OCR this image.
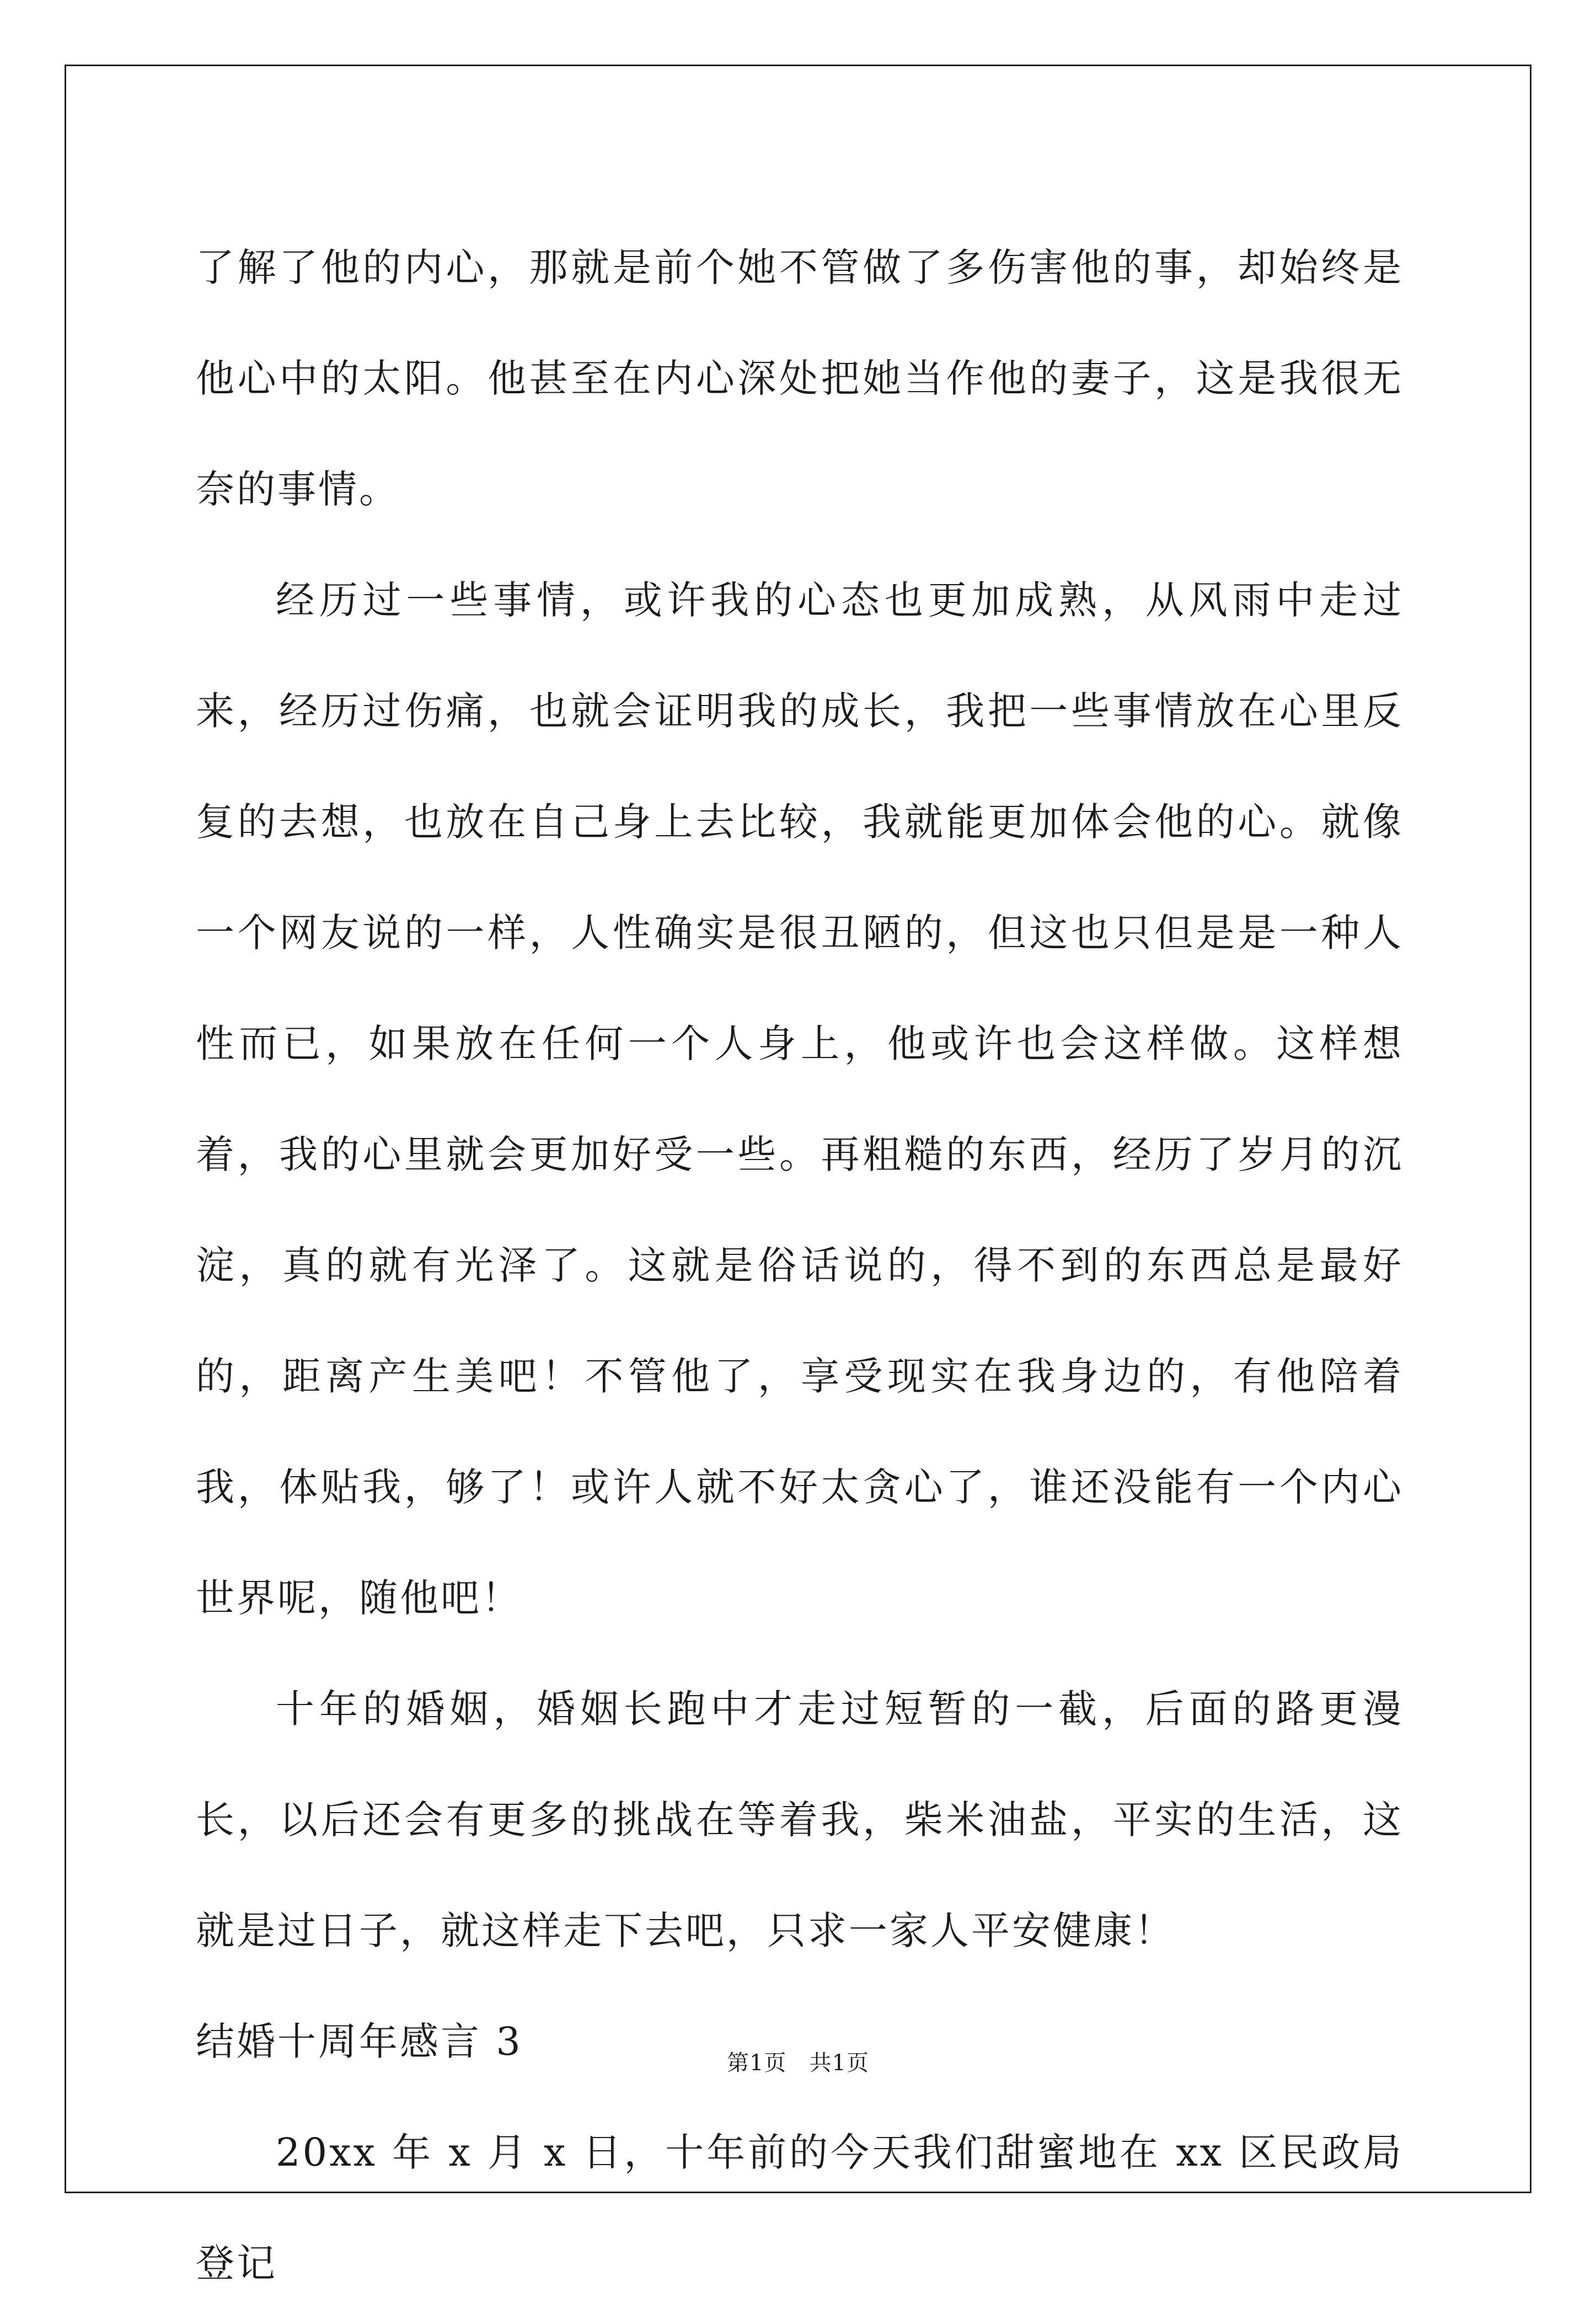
了解了他的内心，那就是前个她不管做了多伤害他的事，却始终是他心中的太阳。他甚至在内心深处把她当作他的妻子，这是我很无奈的事情。

经历过一些事情，或许我的心态也更加成熟，从风雨中走过来，经历过伤痛，也就会证明我的成长，我把一些事情放在心里反复的去想，也放在自己身上去比较，我就能更加体会他的心。就像一个网友说的一样，人性确实是很丑陋的，但这也只但是是一种人性而已，如果放在任何一个人身上，他或许也会这样做。这样想着，我的心里就会更加好受一些。再粗糙的东西，经历了岁月的沉淀，真的就有光泽了。这就是俗话说的，得不到的东西总是最好的，距离产生美吧！不管他了，享受现实在我身边的，有他陪着我，体贴我，够了！或许人就不好太贪心了，谁还没能有一个内心世界呢，随他吧！

十年的婚姻，婚姻长跑中才走过短暂的一截，后面的路更漫长，以后还会有更多的挑战在等着我，柴米油盐，平实的生活，这就是过日子，就这样走下去吧，只求一家人平安健康！

结婚十周年感言 3

20xx 年 x 月 x 日，十年前的今天我们甜蜜地在 xx 区民政局登记

第1页   共1页
